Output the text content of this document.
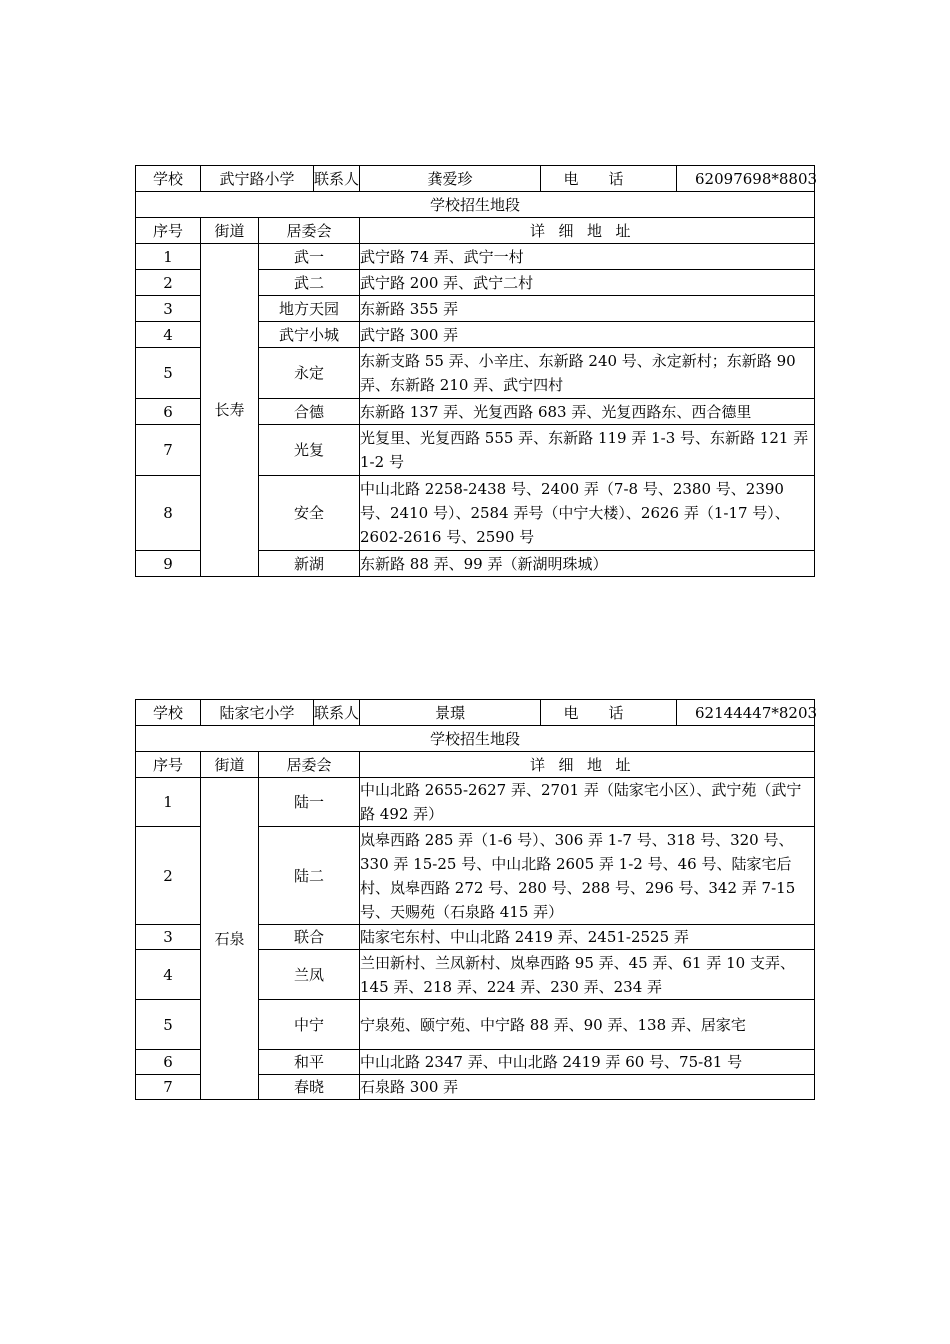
学校	武宁路小学		联系人	龚爱珍	电话	62097698*8803
学校招生地段						
序号	街道	居委会		详细地址		
1	长寿	武一		武宁路 74 弄、武宁一村		
2		武二		武宁路 200 弄、武宁二村		
3		地方天园		东新路 355 弄		
4		武宁小城		武宁路 300 弄		
5		永定		东新支路 55 弄、小辛庄、东新路 240 号、永定新村；东新路 90 弄、东新路 210 弄、武宁四村		
6		合德		东新路 137 弄、光复西路 683 弄、光复西路东、西合德里		
7		光复		光复里、光复西路 555 弄、东新路 119 弄 1-3 号、东新路 121 弄 1-2 号		
8		安全		中山北路 2258-2438 号、2400 弄（7-8 号、2380 号、2390 号、2410 号）、2584 弄号（中宁大楼）、2626 弄（1-17 号）、2602-2616 号、2590 号		
9		新湖		东新路 88 弄、99 弄（新湖明珠城）		
学校	陆家宅小学		联系人	景璟	电话	62144447*8203
学校招生地段						
序号	街道	居委会		详细地址		
1	石泉	陆一		中山北路 2655-2627 弄、2701 弄（陆家宅小区）、武宁苑（武宁路 492 弄）		
2		陆二		岚皋西路 285 弄（1-6 号）、306 弄 1-7 号、318 号、320 号、330 弄 15-25 号、中山北路 2605 弄 1-2 号、46 号、陆家宅后村、岚皋西路 272 号、280 号、288 号、296 号、342 弄 7-15 号、天赐苑（石泉路 415 弄）		
3		联合		陆家宅东村、中山北路 2419 弄、2451-2525 弄		
4		兰凤		兰田新村、兰凤新村、岚皋西路 95 弄、45 弄、61 弄 10 支弄、145 弄、218 弄、224 弄、230 弄、234 弄		
5		中宁		宁泉苑、颐宁苑、中宁路 88 弄、90 弄、138 弄、居家宅		
6		和平		中山北路 2347 弄、中山北路 2419 弄 60 号、75-81 号		
7		春晓		石泉路 300 弄		
